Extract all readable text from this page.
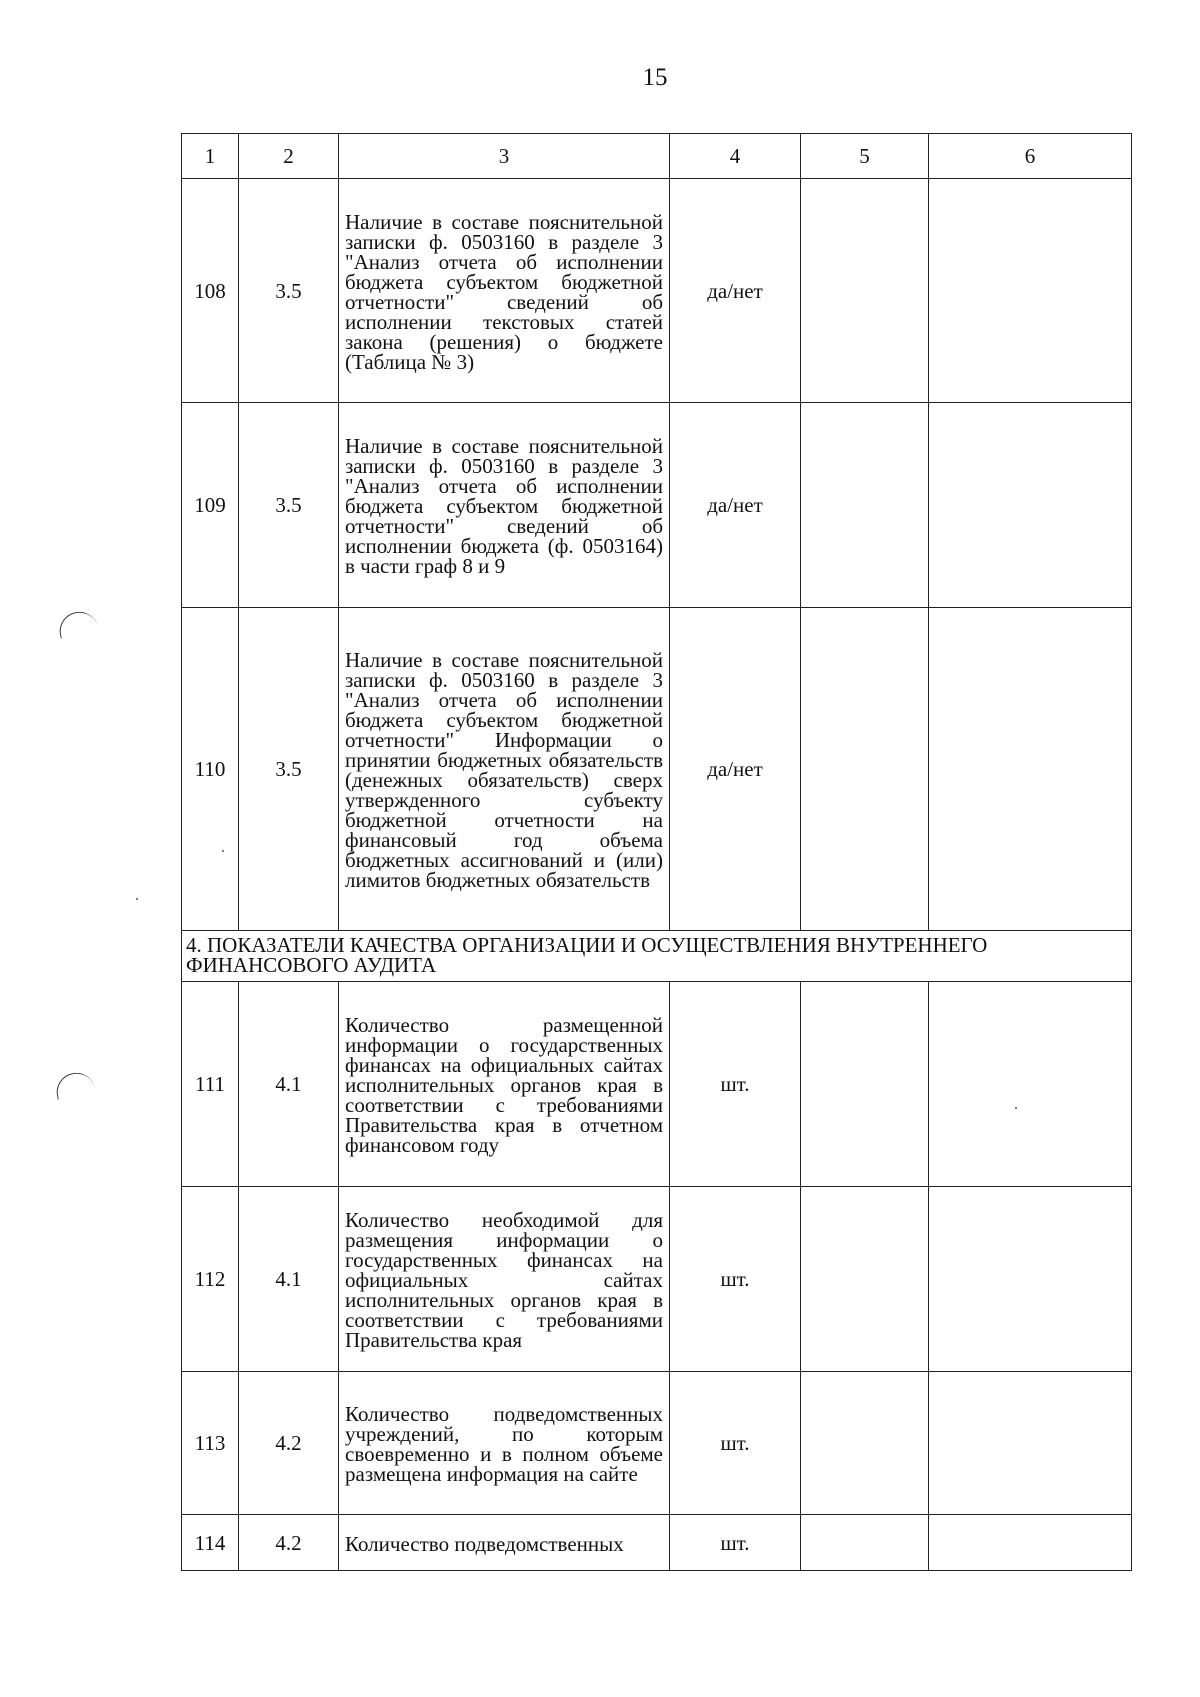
15
1	2	3	4	5	6
108	3.5	Наличие в составе пояснительной записки ф. 0503160 в разделе 3 "Анализ отчета об исполнении бюджета субъектом бюджетной отчетности" сведений об исполнении текстовых статей закона (решения) о бюджете (Таблица № 3)	да/нет		
109	3.5	Наличие в составе пояснительной записки ф. 0503160 в разделе 3 "Анализ отчета об исполнении бюджета субъектом бюджетной отчетности" сведений об исполнении бюджета (ф. 0503164) в части граф 8 и 9	да/нет		
110	3.5	Наличие в составе пояснительной записки ф. 0503160 в разделе 3 "Анализ отчета об исполнении бюджета субъектом бюджетной отчетности" Информации о принятии бюджетных обязательств (денежных обязательств) сверх утвержденного субъекту бюджетной отчетности на финансовый год объема бюджетных ассигнований и (или) лимитов бюджетных обязательств	да/нет		
4. ПОКАЗАТЕЛИ КАЧЕСТВА ОРГАНИЗАЦИИ И ОСУЩЕСТВЛЕНИЯ ВНУТРЕННЕГО ФИНАНСОВОГО АУДИТА					
111	4.1	Количество размещенной информации о государственных финансах на официальных сайтах исполнительных органов края в соответствии с требованиями Правительства края в отчетном финансовом году	шт.		
112	4.1	Количество необходимой для размещения информации о государственных финансах на официальных сайтах исполнительных органов края в соответствии с требованиями Правительства края	шт.		
113	4.2	Количество подведомственных учреждений, по которым своевременно и в полном объеме размещена информация на сайте	шт.		
114	4.2	Количество подведомственных	шт.		
